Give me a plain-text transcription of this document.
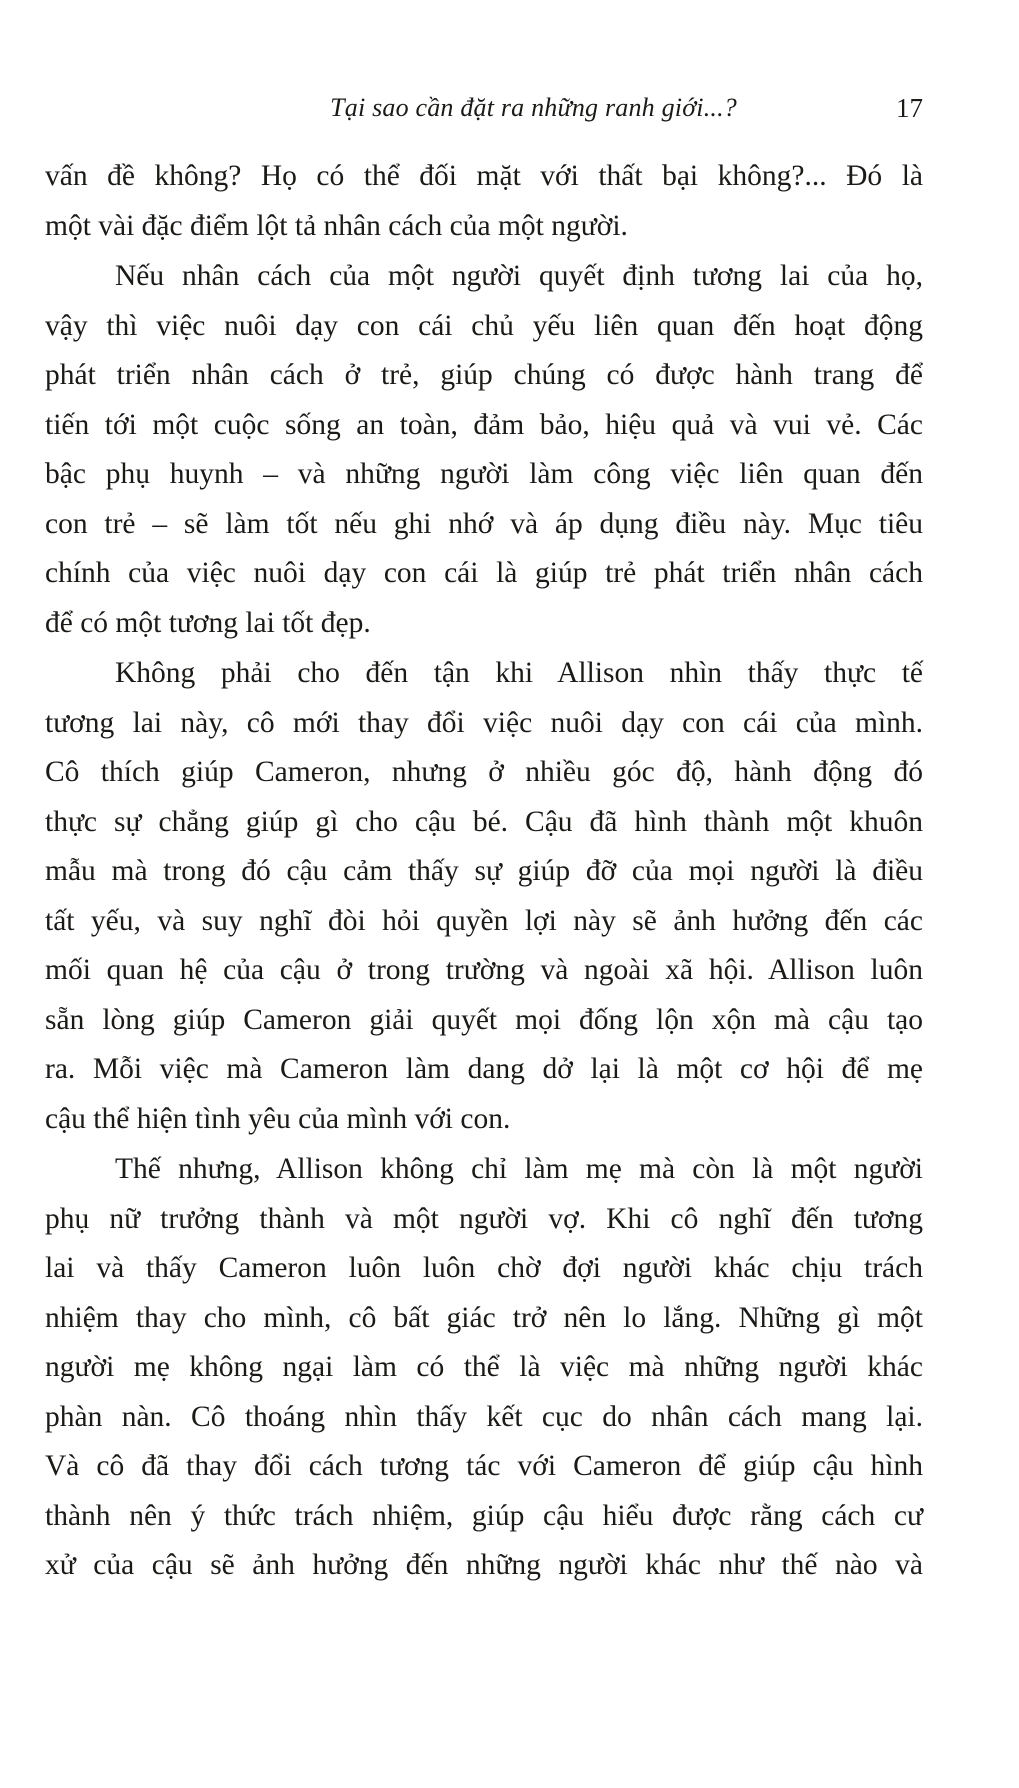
Tại sao cần đặt ra những ranh giới...?	17
vấn đề không? Họ có thể đối mặt với thất bại không?... Đó là
một vài đặc điểm lột tả nhân cách của một người.
Nếu nhân cách của một người quyết định tương lai của họ,
vậy thì việc nuôi dạy con cái chủ yếu liên quan đến hoạt động
phát triển nhân cách ở trẻ, giúp chúng có được hành trang để
tiến tới một cuộc sống an toàn, đảm bảo, hiệu quả và vui vẻ. Các
bậc phụ huynh – và những người làm công việc liên quan đến
con trẻ – sẽ làm tốt nếu ghi nhớ và áp dụng điều này. Mục tiêu
chính của việc nuôi dạy con cái là giúp trẻ phát triển nhân cách
để có một tương lai tốt đẹp.
Không phải cho đến tận khi Allison nhìn thấy thực tế
tương lai này, cô mới thay đổi việc nuôi dạy con cái của mình.
Cô thích giúp Cameron, nhưng ở nhiều góc độ, hành động đó
thực sự chẳng giúp gì cho cậu bé. Cậu đã hình thành một khuôn
mẫu mà trong đó cậu cảm thấy sự giúp đỡ của mọi người là điều
tất yếu, và suy nghĩ đòi hỏi quyền lợi này sẽ ảnh hưởng đến các
mối quan hệ của cậu ở trong trường và ngoài xã hội. Allison luôn
sẵn lòng giúp Cameron giải quyết mọi đống lộn xộn mà cậu tạo
ra. Mỗi việc mà Cameron làm dang dở lại là một cơ hội để mẹ
cậu thể hiện tình yêu của mình với con.
Thế nhưng, Allison không chỉ làm mẹ mà còn là một người
phụ nữ trưởng thành và một người vợ. Khi cô nghĩ đến tương
lai và thấy Cameron luôn luôn chờ đợi người khác chịu trách
nhiệm thay cho mình, cô bất giác trở nên lo lắng. Những gì một
người mẹ không ngại làm có thể là việc mà những người khác
phàn nàn. Cô thoáng nhìn thấy kết cục do nhân cách mang lại.
Và cô đã thay đổi cách tương tác với Cameron để giúp cậu hình
thành nên ý thức trách nhiệm, giúp cậu hiểu được rằng cách cư
xử của cậu sẽ ảnh hưởng đến những người khác như thế nào và
